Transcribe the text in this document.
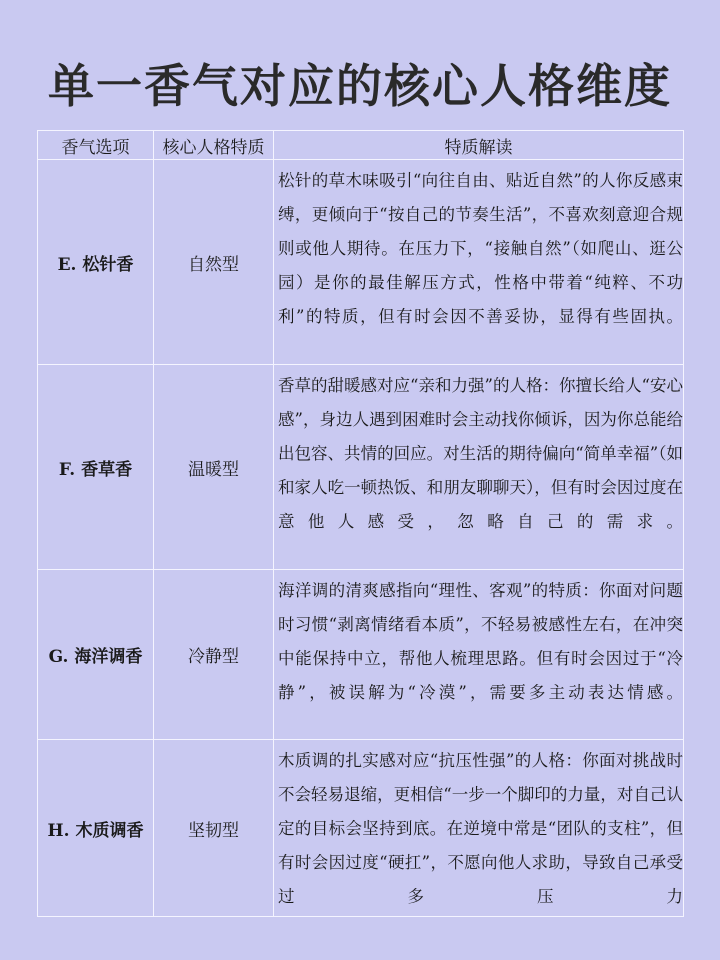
单一香气对应的核心人格维度
香气选项	核心人格特质	特质解读
E. 松针香	自然型	松针的草木味吸引“向往自由、贴近自然”的人你反感束缚，更倾向于“按自己的节奏生活”，不喜欢刻意迎合规则或他人期待。在压力下，“接触自然”（如爬山、逛公园）是你的最佳解压方式，性格中带着“纯粹、不功利”的特质，但有时会因不善妥协，显得有些固执。
F. 香草香	温暖型	香草的甜暖感对应“亲和力强”的人格：你擅长给人“安心感”，身边人遇到困难时会主动找你倾诉，因为你总能给出包容、共情的回应。对生活的期待偏向“简单幸福”（如和家人吃一顿热饭、和朋友聊聊天），但有时会因过度在意他人感受，忽略自己的需求。
G. 海洋调香	冷静型	海洋调的清爽感指向“理性、客观”的特质：你面对问题时习惯“剥离情绪看本质”，不轻易被感性左右，在冲突中能保持中立，帮他人梳理思路。但有时会因过于“冷静”，被误解为“冷漠”，需要多主动表达情感。
H. 木质调香	坚韧型	木质调的扎实感对应“抗压性强”的人格：你面对挑战时不会轻易退缩，更相信“一步一个脚印的力量，对自己认定的目标会坚持到底。在逆境中常是“团队的支柱”，但有时会因过度“硬扛”，不愿向他人求助，导致自己承受过多压力
